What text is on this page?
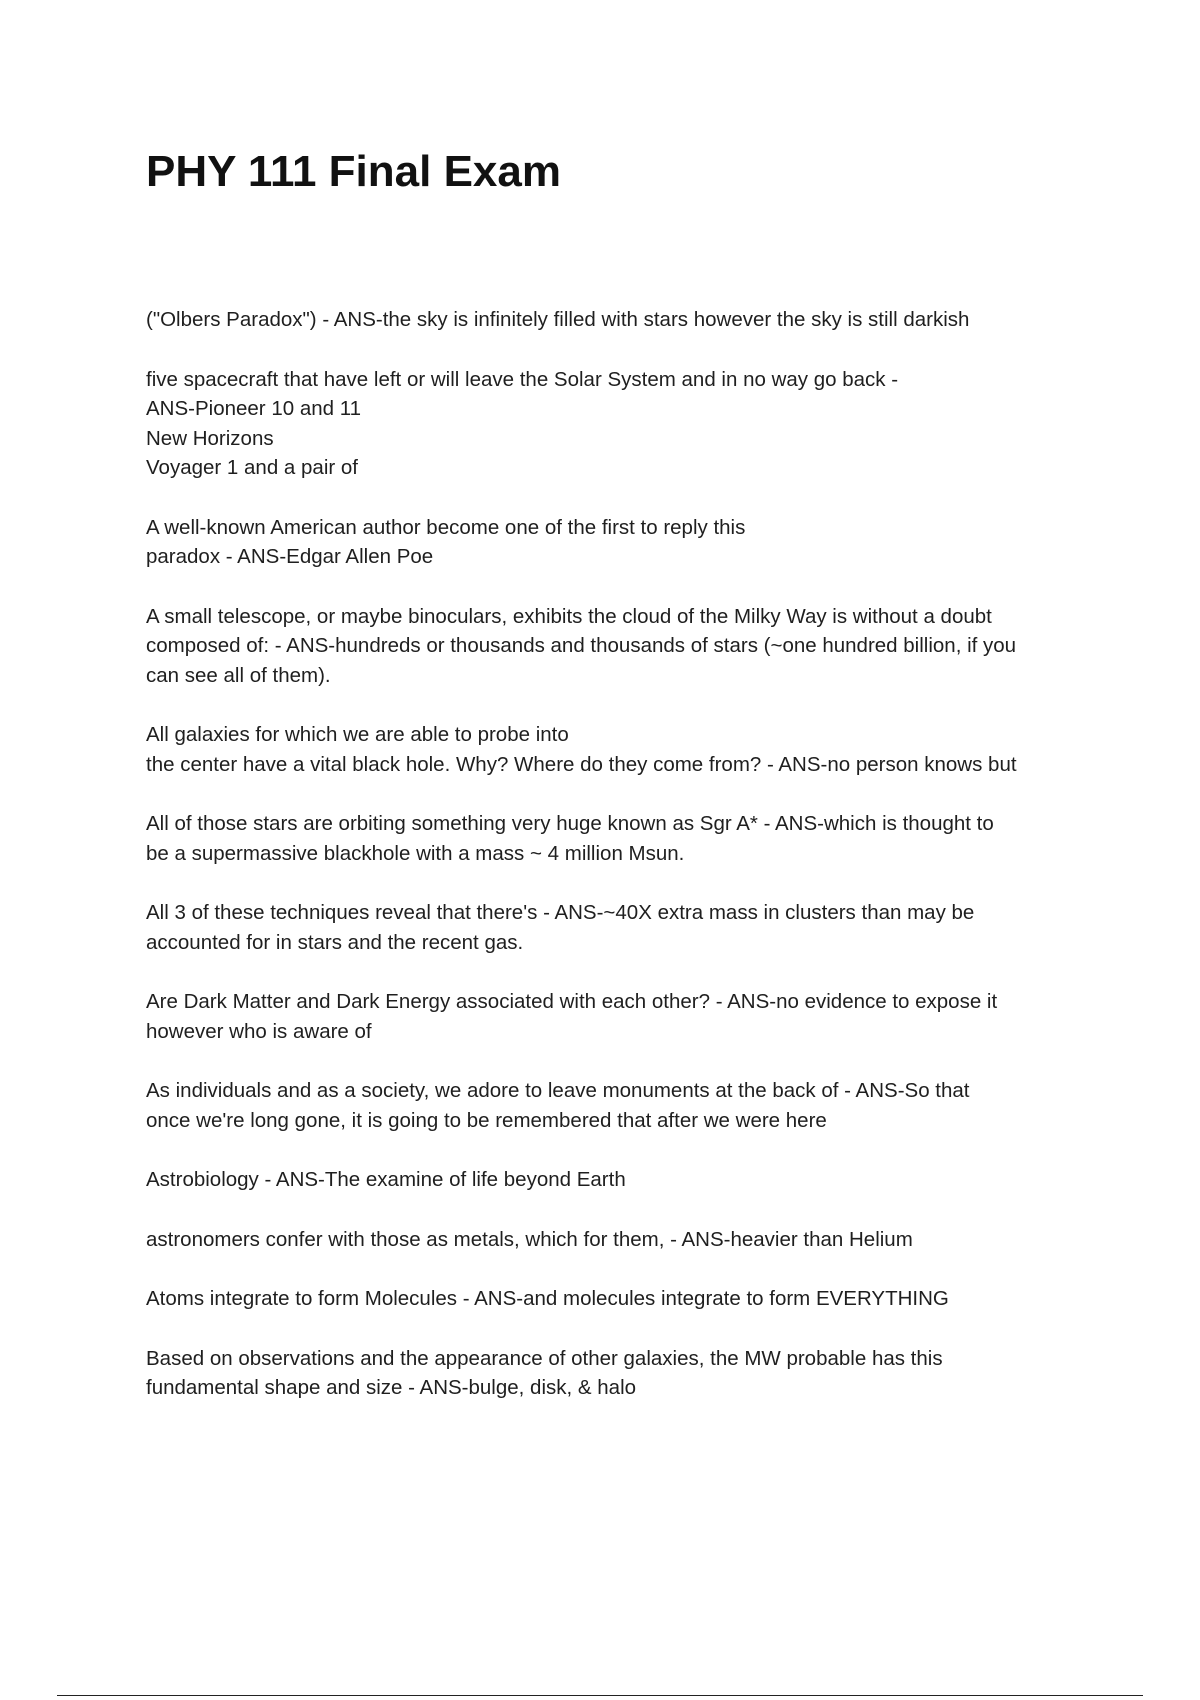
PHY 111 Final Exam

("Olbers Paradox") - ANS-the sky is infinitely filled with stars however the sky is still darkish

five spacecraft that have left or will leave the Solar System and in no way go back -
ANS-Pioneer 10 and 11
New Horizons
Voyager 1 and a pair of

A well-known American author become one of the first to reply this
paradox - ANS-Edgar Allen Poe

A small telescope, or maybe binoculars, exhibits the cloud of the Milky Way is without a doubt
composed of: - ANS-hundreds or thousands and thousands of stars (~one hundred billion, if you
can see all of them).

All galaxies for which we are able to probe into
the center have a vital black hole. Why? Where do they come from? - ANS-no person knows but

All of those stars are orbiting something very huge known as Sgr A* - ANS-which is thought to
be a supermassive blackhole with a mass ~ 4 million Msun.

All 3 of these techniques reveal that there's - ANS-~40X extra mass in clusters than may be
accounted for in stars and the recent gas.

Are Dark Matter and Dark Energy associated with each other? - ANS-no evidence to expose it
however who is aware of

As individuals and as a society, we adore to leave monuments at the back of - ANS-So that
once we're long gone, it is going to be remembered that after we were here

Astrobiology - ANS-The examine of life beyond Earth

astronomers confer with those as metals, which for them, - ANS-heavier than Helium

Atoms integrate to form Molecules - ANS-and molecules integrate to form EVERYTHING

Based on observations and the appearance of other galaxies, the MW probable has this
fundamental shape and size - ANS-bulge, disk, & halo
